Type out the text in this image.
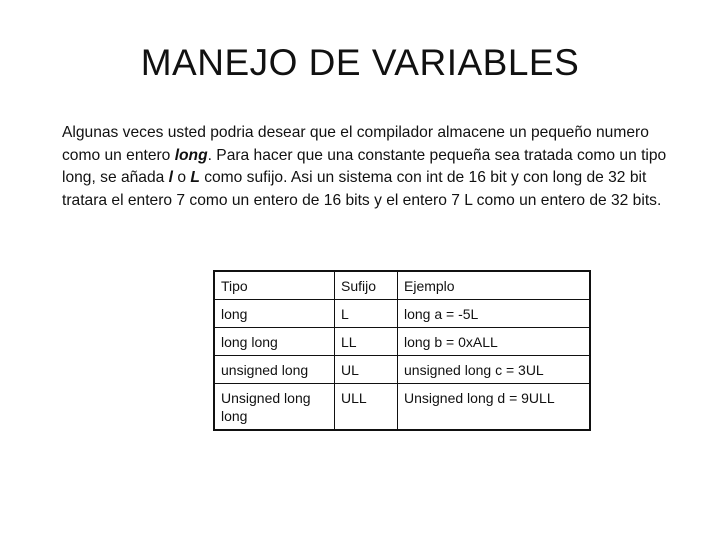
MANEJO DE VARIABLES

Algunas veces usted podria desear que el compilador almacene un pequeño numero como un entero long. Para hacer que una constante pequeña sea tratada como un tipo long, se añada l o L como sufijo. Asi un sistema con int de 16 bit y con long de 32 bit tratara el entero 7 como un entero de 16 bits y el entero 7 L como un entero de 32 bits.

Tipo	Sufijo	Ejemplo
long	L	long a = -5L
long long	LL	long b = 0xALL
unsigned long	UL	unsigned long c = 3UL
Unsigned long long	ULL	Unsigned long d = 9ULL
